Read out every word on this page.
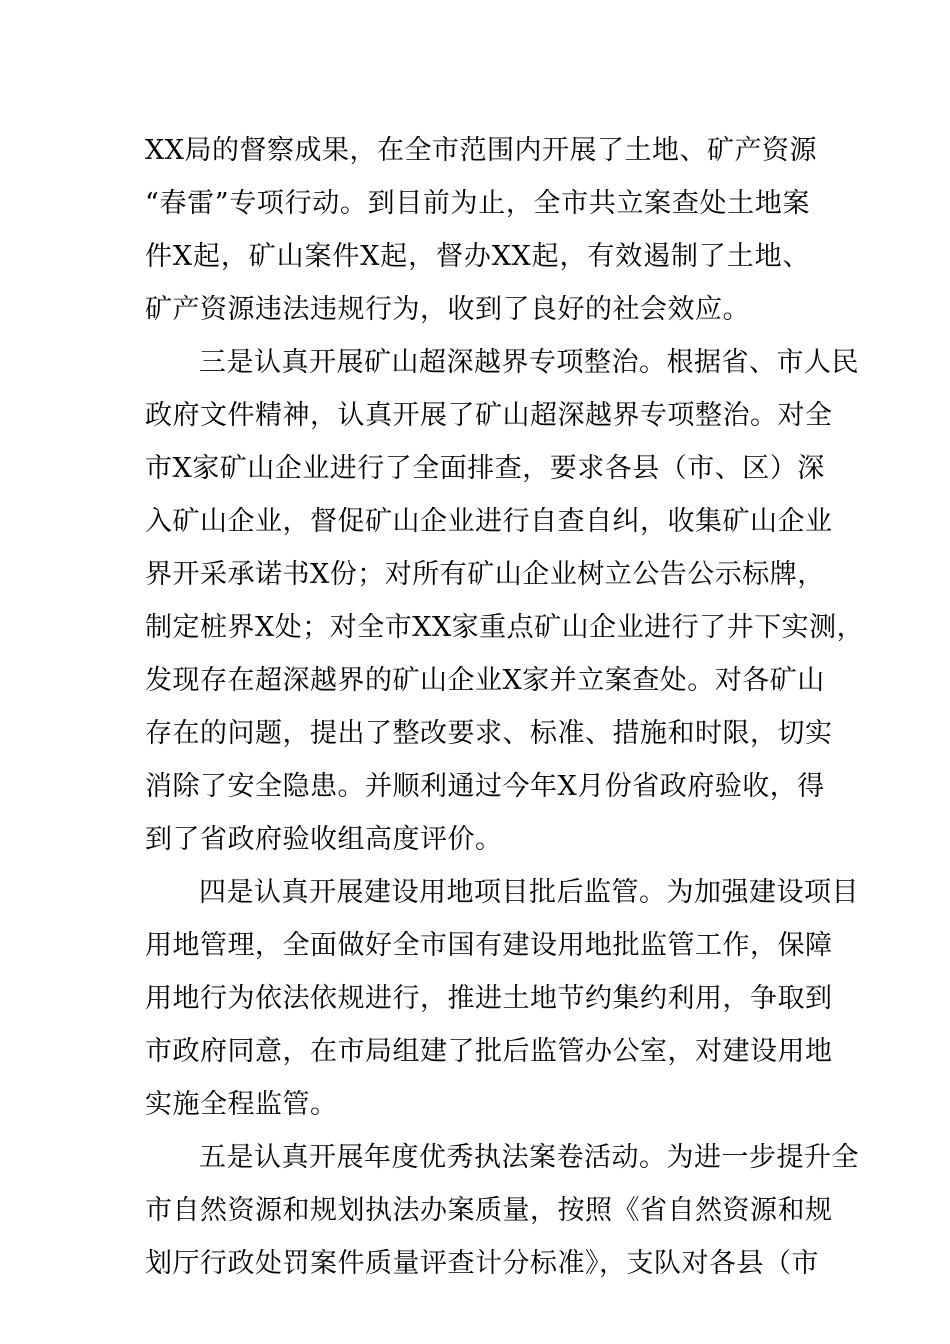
XX局的督察成果，在全市范围内开展了土地、矿产资源
“春雷”专项行动。到目前为止，全市共立案查处土地案
件X起，矿山案件X起，督办XX起，有效遏制了土地、
矿产资源违法违规行为，收到了良好的社会效应。
三是认真开展矿山超深越界专项整治。根据省、市人民
政府文件精神，认真开展了矿山超深越界专项整治。对全
市X家矿山企业进行了全面排查，要求各县（市、区）深
入矿山企业，督促矿山企业进行自查自纠，收集矿山企业
界开采承诺书X份；对所有矿山企业树立公告公示标牌，
制定桩界X处；对全市XX家重点矿山企业进行了井下实测，
发现存在超深越界的矿山企业X家并立案查处。对各矿山
存在的问题，提出了整改要求、标准、措施和时限，切实
消除了安全隐患。并顺利通过今年X月份省政府验收，得
到了省政府验收组高度评价。
四是认真开展建设用地项目批后监管。为加强建设项目
用地管理，全面做好全市国有建设用地批监管工作，保障
用地行为依法依规进行，推进土地节约集约利用，争取到
市政府同意，在市局组建了批后监管办公室，对建设用地
实施全程监管。
五是认真开展年度优秀执法案卷活动。为进一步提升全
市自然资源和规划执法办案质量，按照《省自然资源和规
划厅行政处罚案件质量评查计分标准》，支队对各县（市
